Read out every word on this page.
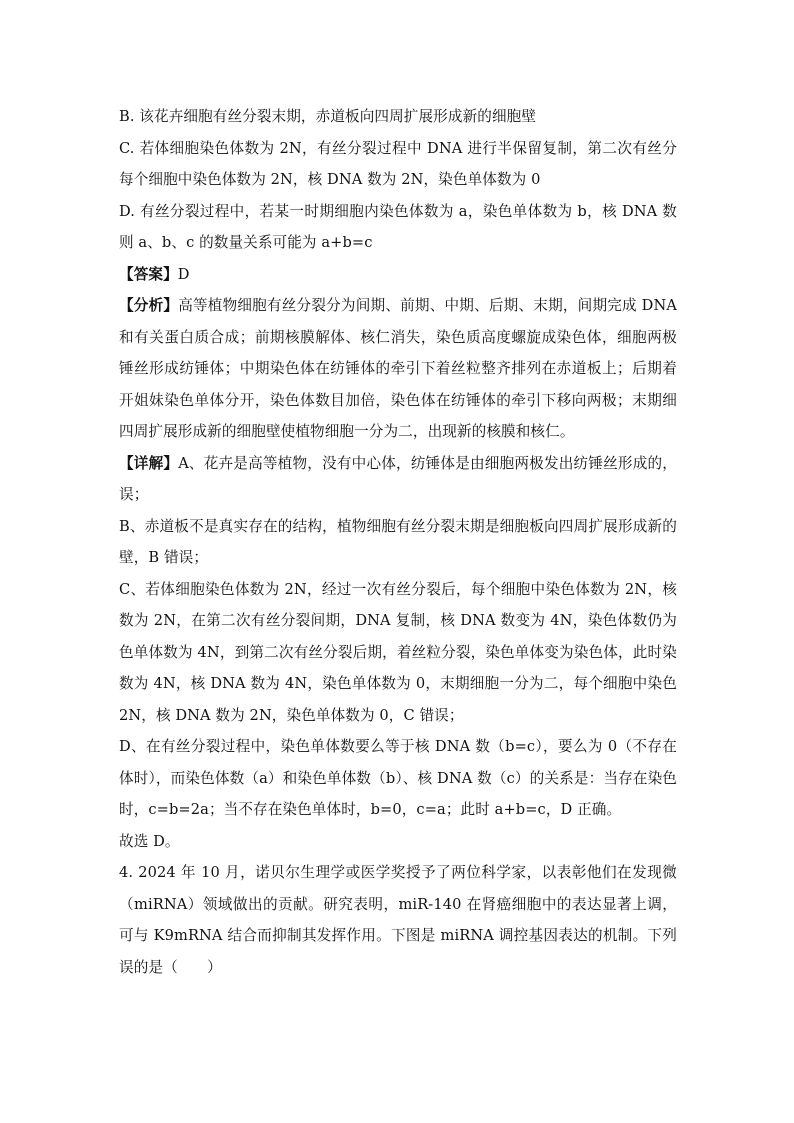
B. 该花卉细胞有丝分裂末期，赤道板向四周扩展形成新的细胞壁
C. 若体细胞染色体数为 2N，有丝分裂过程中 DNA 进行半保留复制，第二次有丝分
每个细胞中染色体数为 2N，核 DNA 数为 2N，染色单体数为 0
D. 有丝分裂过程中，若某一时期细胞内染色体数为 a，染色单体数为 b，核 DNA 数
则 a、b、c 的数量关系可能为 a+b=c
【答案】D
【分析】高等植物细胞有丝分裂分为间期、前期、中期、后期、末期，间期完成 DNA
和有关蛋白质合成；前期核膜解体、核仁消失，染色质高度螺旋成染色体，细胞两极
锤丝形成纺锤体；中期染色体在纺锤体的牵引下着丝粒整齐排列在赤道板上；后期着
开姐妹染色单体分开，染色体数目加倍，染色体在纺锤体的牵引下移向两极；末期细
四周扩展形成新的细胞壁使植物细胞一分为二，出现新的核膜和核仁。
【详解】A、花卉是高等植物，没有中心体，纺锤体是由细胞两极发出纺锤丝形成的，
误；
B、赤道板不是真实存在的结构，植物细胞有丝分裂末期是细胞板向四周扩展形成新的
壁，B 错误；
C、若体细胞染色体数为 2N，经过一次有丝分裂后，每个细胞中染色体数为 2N，核
数为 2N，在第二次有丝分裂间期，DNA 复制，核 DNA 数变为 4N，染色体数仍为
色单体数为 4N，到第二次有丝分裂后期，着丝粒分裂，染色单体变为染色体，此时染
数为 4N，核 DNA 数为 4N，染色单体数为 0，末期细胞一分为二，每个细胞中染色
2N，核 DNA 数为 2N，染色单体数为 0，C 错误；
D、在有丝分裂过程中，染色单体数要么等于核 DNA 数（b=c），要么为 0（不存在
体时），而染色体数（a）和染色单体数（b）、核 DNA 数（c）的关系是：当存在染色
时，c=b=2a；当不存在染色单体时，b=0，c=a；此时 a+b=c，D 正确。
故选 D。
4. 2024 年 10 月，诺贝尔生理学或医学奖授予了两位科学家，以表彰他们在发现微
（miRNA）领域做出的贡献。研究表明，miR-140 在肾癌细胞中的表达显著上调，
可与 K9mRNA 结合而抑制其发挥作用。下图是 miRNA 调控基因表达的机制。下列
误的是（　　）
